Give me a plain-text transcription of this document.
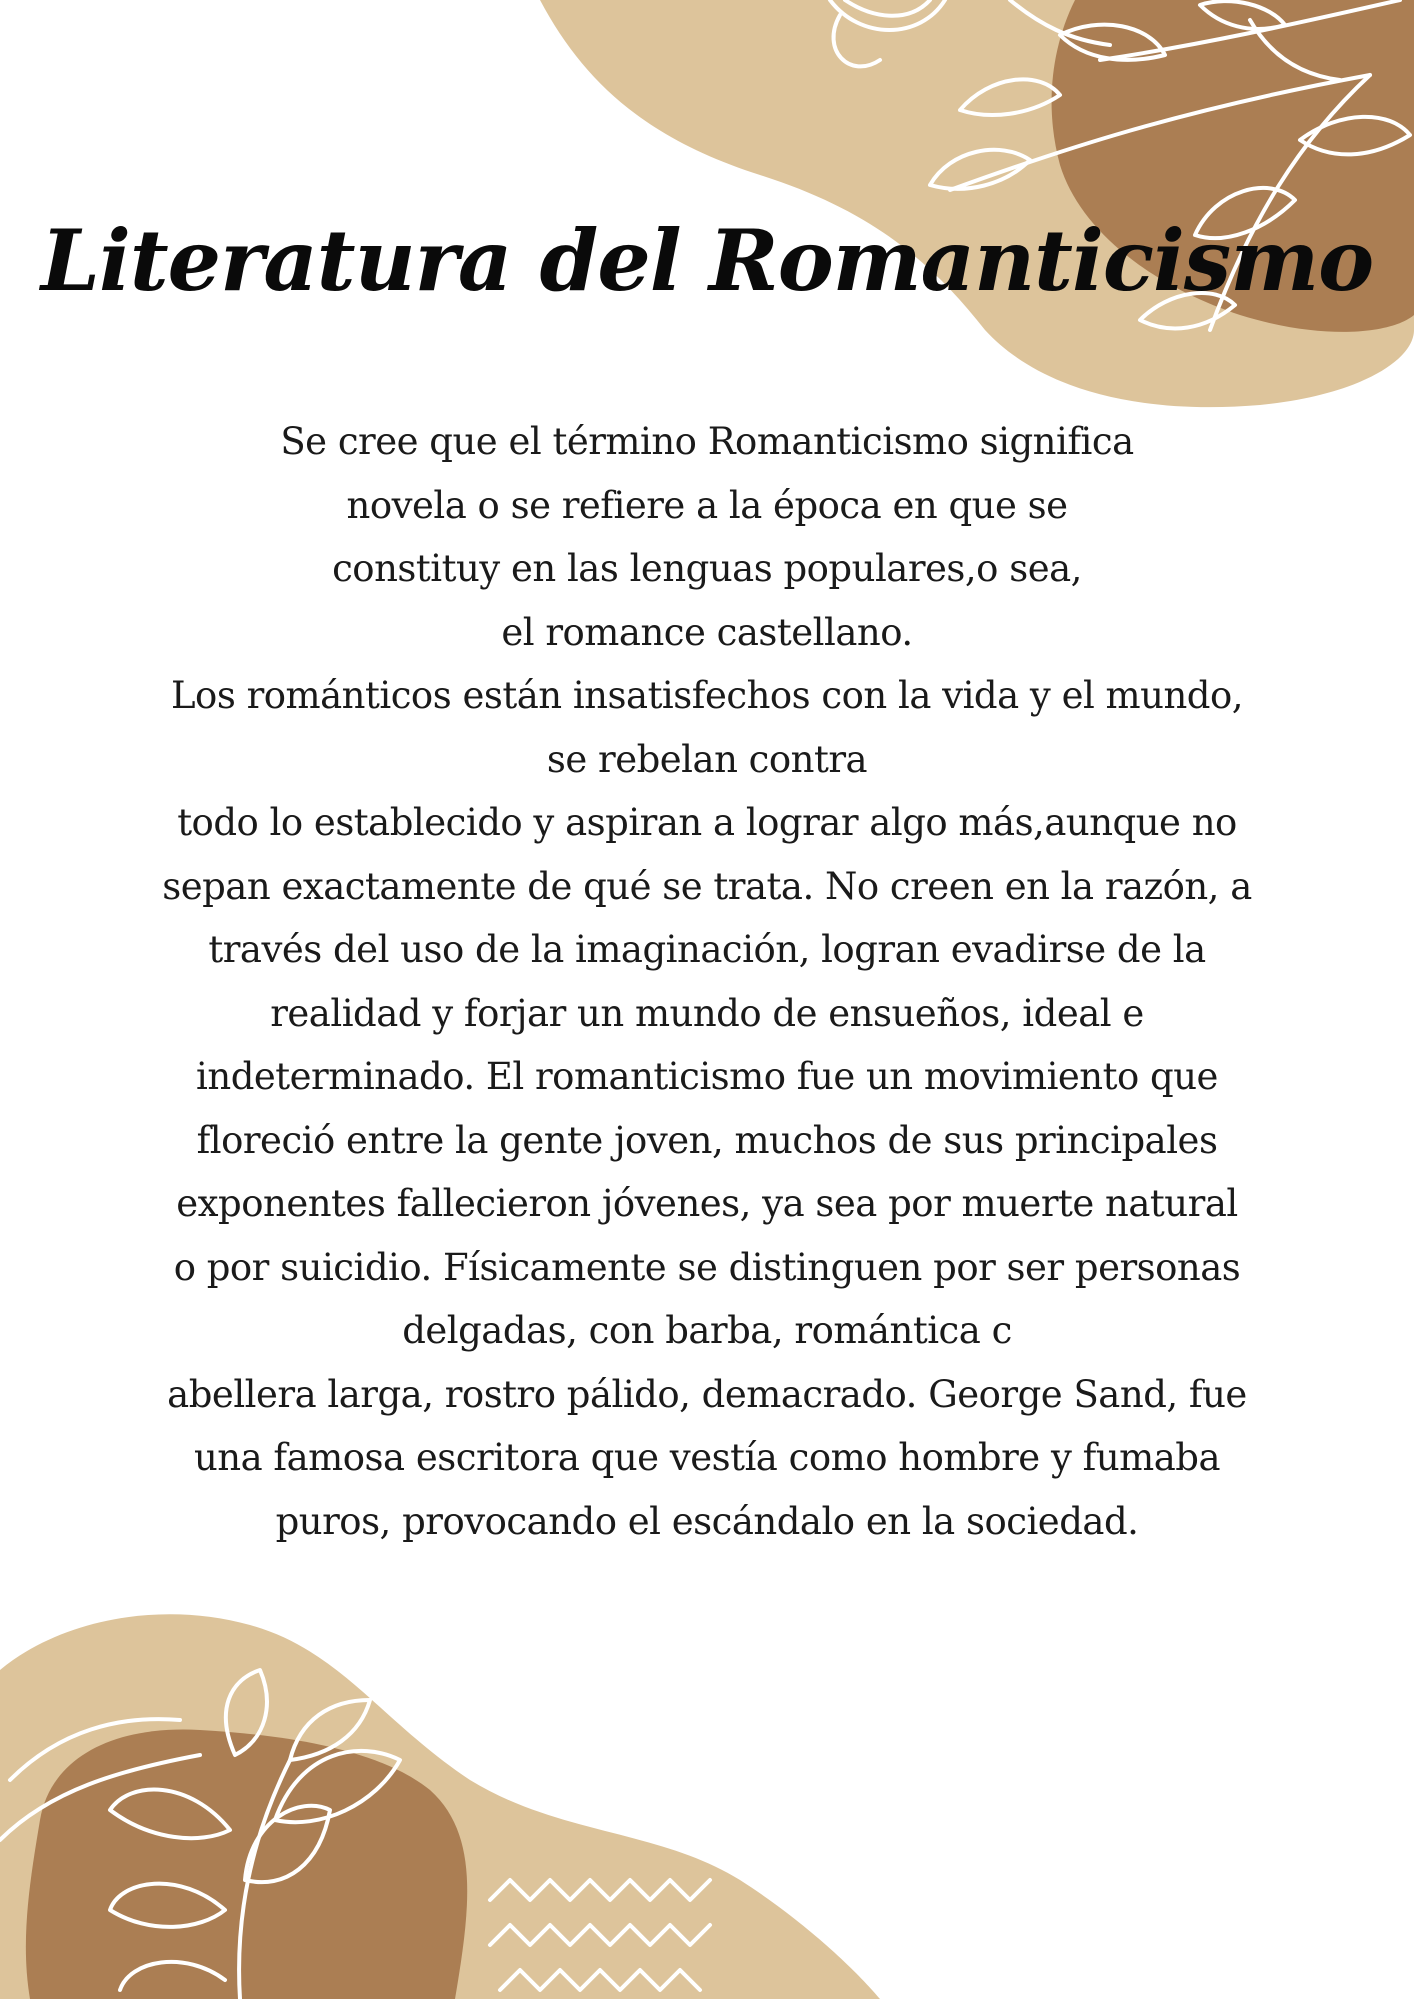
Literatura del Romanticismo
Se cree que el término Romanticismo significa
novela o se refiere a la época en que se
constituy en las lenguas populares,o sea,
el romance castellano.
Los románticos están insatisfechos con la vida y el mundo,
se rebelan contra
todo lo establecido y aspiran a lograr algo más,aunque no
sepan exactamente de qué se trata. No creen en la razón, a
través del uso de la imaginación, logran evadirse de la
realidad y forjar un mundo de ensueños, ideal e
indeterminado. El romanticismo fue un movimiento que
floreció entre la gente joven, muchos de sus principales
exponentes fallecieron jóvenes, ya sea por muerte natural
o por suicidio. Físicamente se distinguen por ser personas
delgadas, con barba, romántica c
abellera larga, rostro pálido, demacrado. George Sand, fue
una famosa escritora que vestía como hombre y fumaba
puros, provocando el escándalo en la sociedad.
